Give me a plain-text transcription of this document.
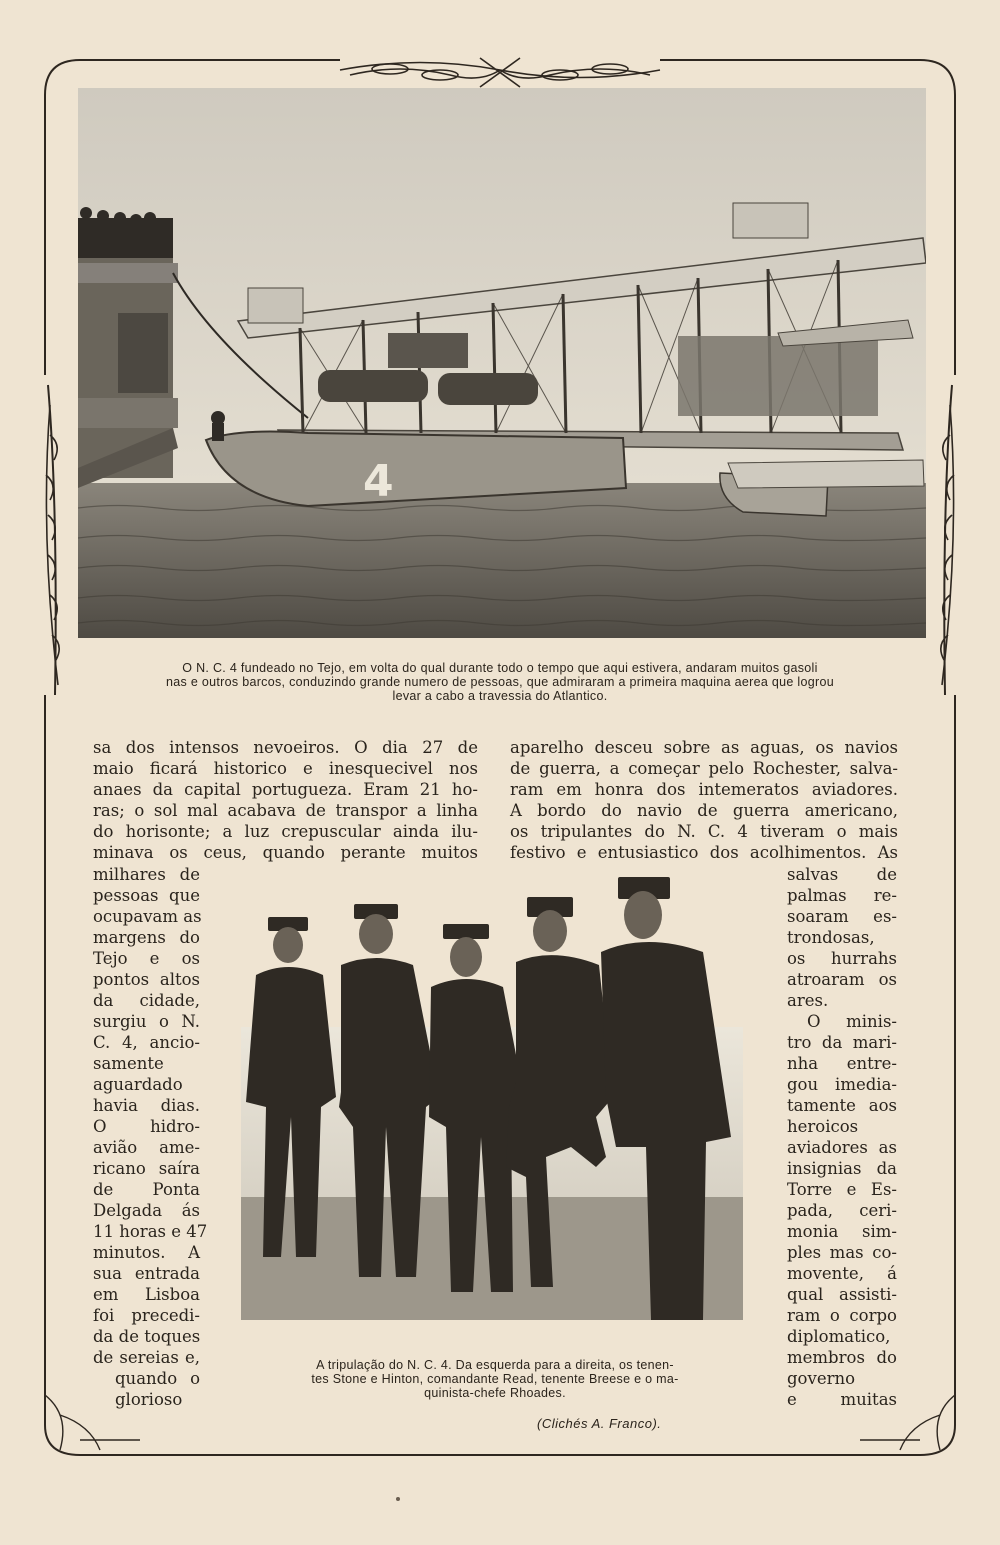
4
O N. C. 4 fundeado no Tejo, em volta do qual durante todo o tempo que aqui estivera, andaram muitos gasoli
nas e outros barcos, conduzindo grande numero de pessoas, que admiraram a primeira maquina aerea que logrou
levar a cabo a travessia do Atlantico.
sa dos intensos nevoeiros. O dia 27 de
maio ficará historico e inesquecivel nos
anaes da capital portugueza. Eram 21 ho-
ras; o sol mal acabava de transpor a linha
do horisonte; a luz crepuscular ainda ilu-
minava os ceus, quando perante muitos
milhares de
pessoas que
ocupavam as
margens do
Tejo e os
pontos altos
da cidade,
surgiu o N.
C. 4, ancio-
samente
aguardado
havia dias.
O hidro-
avião ame-
ricano saíra
de Ponta
Delgada ás
11 horas e 47
minutos. A
sua entrada
em Lisboa
foi precedi-
da de toques
de sereias e,
quando o
glorioso
aparelho desceu sobre as aguas, os navios
de guerra, a começar pelo Rochester, salva-
ram em honra dos intemeratos aviadores.
A bordo do navio de guerra americano,
os tripulantes do N. C. 4 tiveram o mais
festivo e entusiastico dos acolhimentos. As
salvas de
palmas re-
soaram es-
trondosas,
os hurrahs
atroaram os
ares.
O minis-
tro da mari-
nha entre-
gou imedia-
tamente aos
heroicos
aviadores as
insignias da
Torre e Es-
pada, ceri-
monia sim-
ples mas co-
movente, á
qual assisti-
ram o corpo
diplomatico,
membros do
governo
e muitas
A tripulação do N. C. 4. Da esquerda para a direita, os tenen-
tes Stone e Hinton, comandante Read, tenente Breese e o ma-
quinista-chefe Rhoades.
(Clichés A. Franco).
